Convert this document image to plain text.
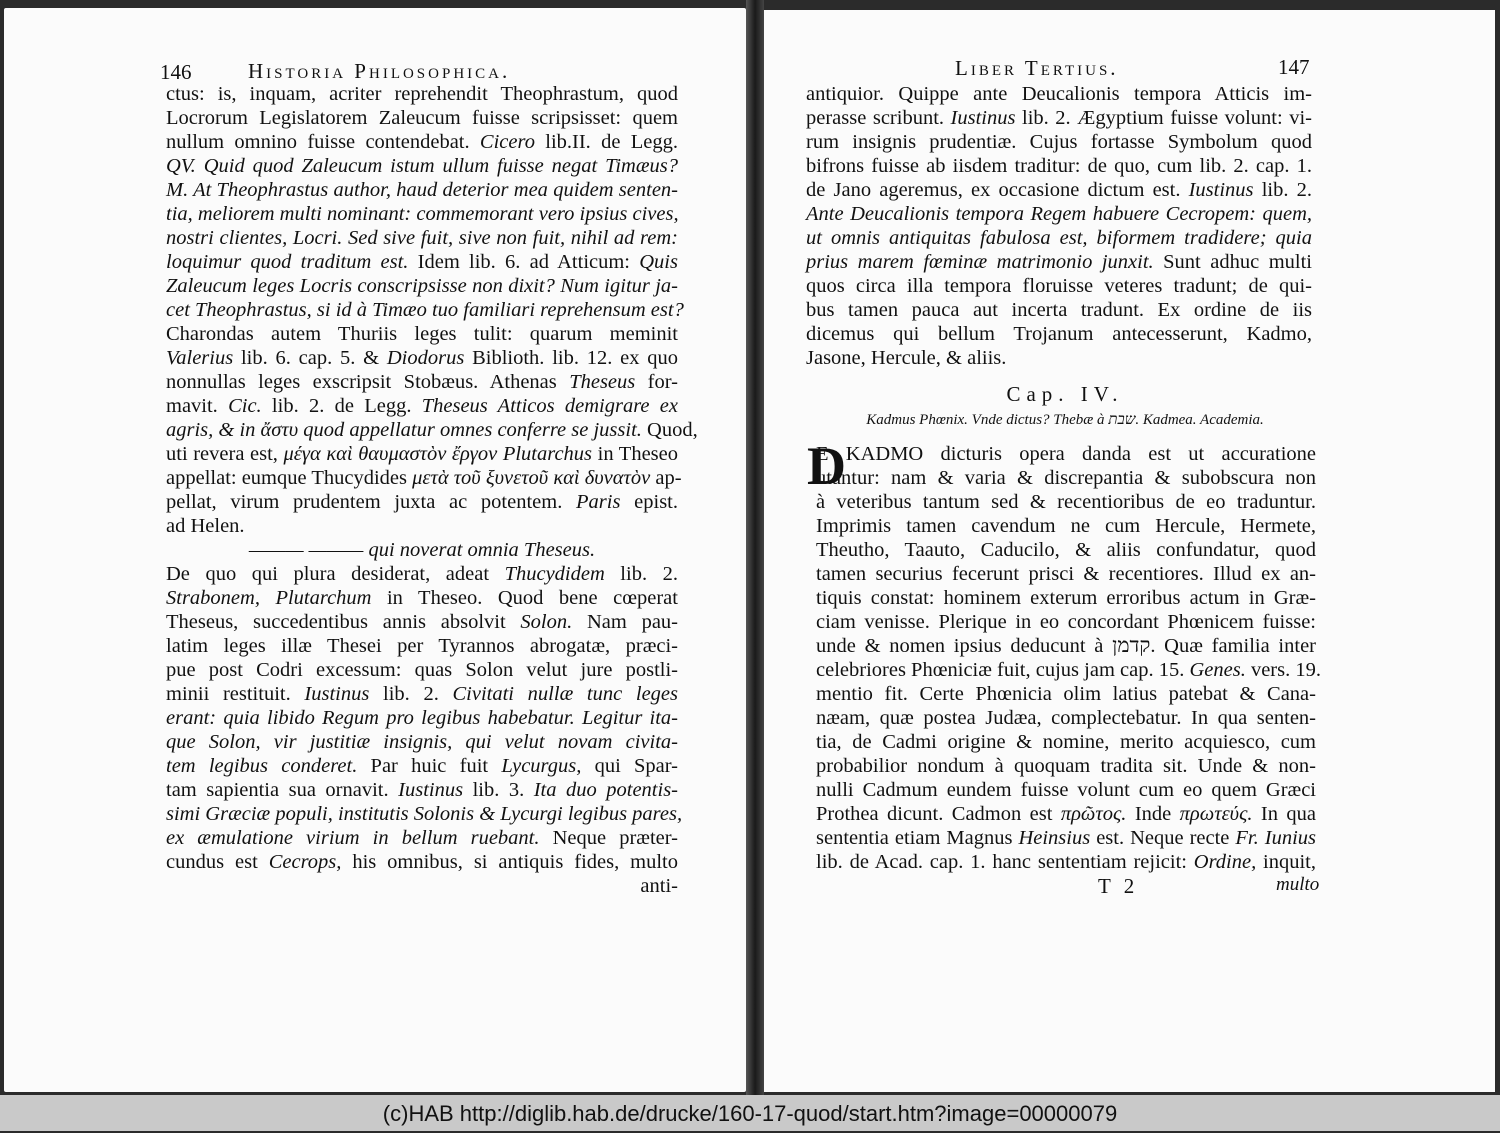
146	Historia Philosophica.
ctus: is, inquam, acriter reprehendit Theophrastum, quod
Locrorum Legislatorem Zaleucum fuisse scripsisset: quem
nullum omnino fuisse contendebat. Cicero lib.II. de Legg.
QV. Quid quod Zaleucum istum ullum fuisse negat Timæus?
M. At Theophrastus author, haud deterior mea quidem senten-
tia, meliorem multi nominant: commemorant vero ipsius cives,
nostri clientes, Locri. Sed sive fuit, sive non fuit, nihil ad rem:
loquimur quod traditum est. Idem lib. 6. ad Atticum: Quis
Zaleucum leges Locris conscripsisse non dixit? Num igitur ja-
cet Theophrastus, si id à Timæo tuo familiari reprehensum est?
Charondas autem Thuriis leges tulit: quarum meminit
Valerius lib. 6. cap. 5. & Diodorus Biblioth. lib. 12. ex quo
nonnullas leges exscripsit Stobæus. Athenas Theseus for-
mavit. Cic. lib. 2. de Legg. Theseus Atticos demigrare ex
agris, & in ἄστυ quod appellatur omnes conferre se jussit. Quod,
uti revera est, μέγα καὶ θαυμαστὸν ἔργον Plutarchus in Theseo
appellat: eumque Thucydides μετὰ τοῦ ξυνετοῦ καὶ δυνατὸν ap-
pellat, virum prudentem juxta ac potentem. Paris epist.
ad Helen.
——— ——— qui noverat omnia Theseus.
De quo qui plura desiderat, adeat Thucydidem lib. 2.
Strabonem, Plutarchum in Theseo. Quod bene cœperat
Theseus, succedentibus annis absolvit Solon. Nam pau-
latim leges illæ Thesei per Tyrannos abrogatæ, præci-
pue post Codri excessum: quas Solon velut jure postli-
minii restituit. Iustinus lib. 2. Civitati nullæ tunc leges
erant: quia libido Regum pro legibus habebatur. Legitur ita-
que Solon, vir justitiæ insignis, qui velut novam civita-
tem legibus conderet. Par huic fuit Lycurgus, qui Spar-
tam sapientia sua ornavit. Iustinus lib. 3. Ita duo potentis-
simi Græciæ populi, institutis Solonis & Lycurgi legibus pares,
ex æmulatione virium in bellum ruebant. Neque præter-
cundus est Cecrops, his omnibus, si antiquis fides, multo
anti-
Liber Tertius.	147
antiquior. Quippe ante Deucalionis tempora Atticis im-
perasse scribunt. Iustinus lib. 2. Ægyptium fuisse volunt: vi-
rum insignis prudentiæ. Cujus fortasse Symbolum quod
bifrons fuisse ab iisdem traditur: de quo, cum lib. 2. cap. 1.
de Jano ageremus, ex occasione dictum est. Iustinus lib. 2.
Ante Deucalionis tempora Regem habuere Cecropem: quem,
ut omnis antiquitas fabulosa est, biformem tradidere; quia
prius marem fœminæ matrimonio junxit. Sunt adhuc multi
quos circa illa tempora floruisse veteres tradunt; de qui-
bus tamen pauca aut incerta tradunt. Ex ordine de iis
dicemus qui bellum Trojanum antecesserunt, Kadmo,
Jasone, Hercule, & aliis.
Cap. IV.
Kadmus Phœnix. Vnde dictus? Thebæ à שבת. Kadmea. Academia.
D
E KADMO dicturis opera danda est ut accuratione
utantur: nam & varia & discrepantia & subobscura non
à veteribus tantum sed & recentioribus de eo traduntur.
Imprimis tamen cavendum ne cum Hercule, Hermete,
Theutho, Taauto, Caducilo, & aliis confundatur, quod
tamen securius fecerunt prisci & recentiores. Illud ex an-
tiquis constat: hominem exterum erroribus actum in Græ-
ciam venisse. Plerique in eo concordant Phœnicem fuisse:
unde & nomen ipsius deducunt à קדמן. Quæ familia inter
celebriores Phœniciæ fuit, cujus jam cap. 15. Genes. vers. 19.
mentio fit. Certe Phœnicia olim latius patebat & Cana-
næam, quæ postea Judæa, complectebatur. In qua senten-
tia, de Cadmi origine & nomine, merito acquiesco, cum
probabilior nondum à quoquam tradita sit. Unde & non-
nulli Cadmum eundem fuisse volunt cum eo quem Græci
Prothea dicunt. Cadmon est πρῶτος. Inde πρωτεύς. In qua
sententia etiam Magnus Heinsius est. Neque recte Fr. Iunius
lib. de Acad. cap. 1. hanc sententiam rejicit: Ordine, inquit,
T 2	multo
(c)HAB http://diglib.hab.de/drucke/160-17-quod/start.htm?image=00000079
